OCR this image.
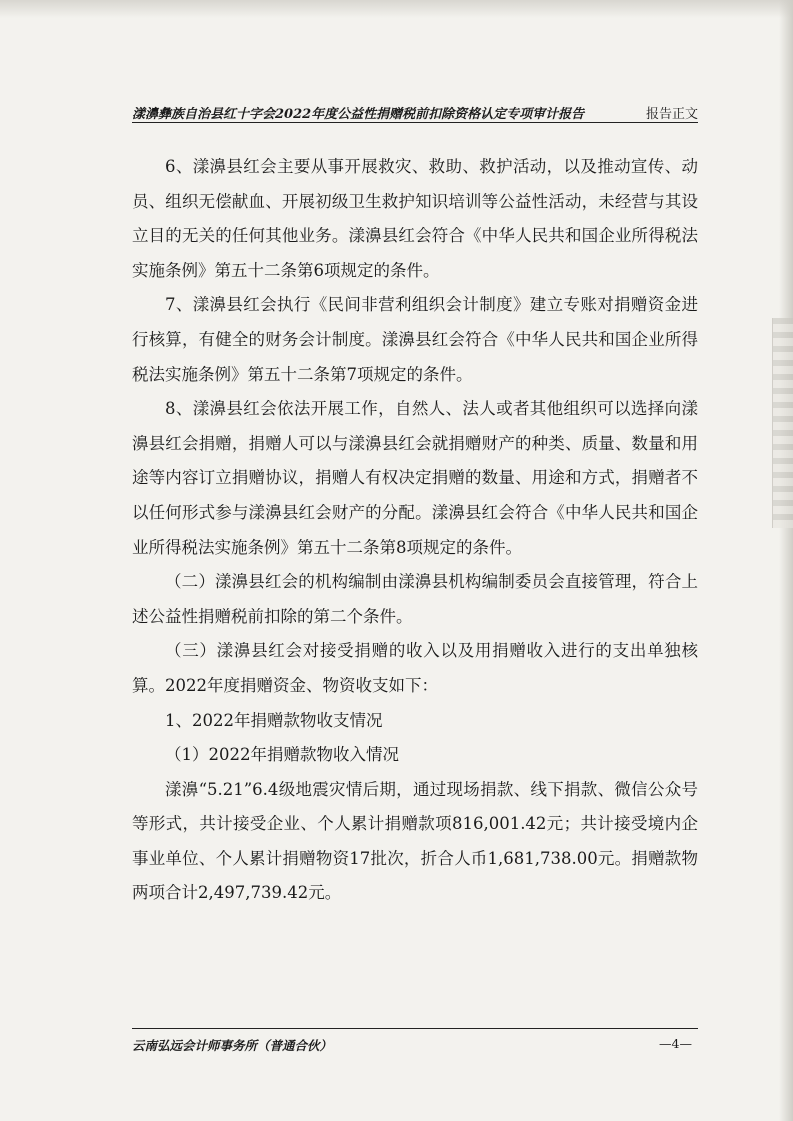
漾濞彝族自治县红十字会2022年度公益性捐赠税前扣除资格认定专项审计报告	报告正文

6、漾濞县红会主要从事开展救灾、救助、救护活动，以及推动宣传、动员、组织无偿献血、开展初级卫生救护知识培训等公益性活动，未经营与其设立目的无关的任何其他业务。漾濞县红会符合《中华人民共和国企业所得税法实施条例》第五十二条第6项规定的条件。

7、漾濞县红会执行《民间非营利组织会计制度》建立专账对捐赠资金进行核算，有健全的财务会计制度。漾濞县红会符合《中华人民共和国企业所得税法实施条例》第五十二条第7项规定的条件。

8、漾濞县红会依法开展工作，自然人、法人或者其他组织可以选择向漾濞县红会捐赠，捐赠人可以与漾濞县红会就捐赠财产的种类、质量、数量和用途等内容订立捐赠协议，捐赠人有权决定捐赠的数量、用途和方式，捐赠者不以任何形式参与漾濞县红会财产的分配。漾濞县红会符合《中华人民共和国企业所得税法实施条例》第五十二条第8项规定的条件。

（二）漾濞县红会的机构编制由漾濞县机构编制委员会直接管理，符合上述公益性捐赠税前扣除的第二个条件。

（三）漾濞县红会对接受捐赠的收入以及用捐赠收入进行的支出单独核算。2022年度捐赠资金、物资收支如下：

1、2022年捐赠款物收支情况

（1）2022年捐赠款物收入情况

漾濞“5.21”6.4级地震灾情后期，通过现场捐款、线下捐款、微信公众号等形式，共计接受企业、个人累计捐赠款项816,001.42元；共计接受境内企事业单位、个人累计捐赠物资17批次，折合人币1,681,738.00元。捐赠款物两项合计2,497,739.42元。

云南弘远会计师事务所（普通合伙）	—4—
